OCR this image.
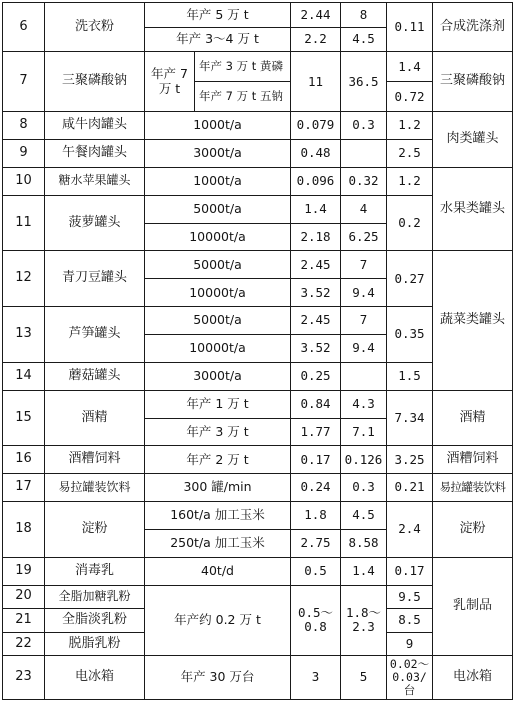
6	洗衣粉	年产 5 万 t		2.44	8	0.11	合成洗涤剂
		年产 3～4 万 t		2.2	4.5		
7	三聚磷酸钠	年产 7万 t	年产 3 万 t 黄磷	11	36.5	1.4	三聚磷酸钠
			年产 7 万 t 五钠			0.72	
8	咸牛肉罐头	1000t/a		0.079	0.3	1.2	肉类罐头
9	午餐肉罐头	3000t/a		0.48		2.5	
10	糖水苹果罐头	1000t/a		0.096	0.32	1.2	水果类罐头
11	菠萝罐头	5000t/a		1.4	4	0.2	
		10000t/a		2.18	6.25		
12	青刀豆罐头	5000t/a		2.45	7	0.27	蔬菜类罐头
		10000t/a		3.52	9.4		
13	芦笋罐头	5000t/a		2.45	7	0.35	
		10000t/a		3.52	9.4		
14	蘑菇罐头	3000t/a		0.25		1.5	
15	酒精	年产 1 万 t		0.84	4.3	7.34	酒精
		年产 3 万 t		1.77	7.1		
16	酒糟饲料	年产 2 万 t		0.17	0.126	3.25	酒糟饲料
17	易拉罐装饮料	300 罐/min		0.24	0.3	0.21	易拉罐装饮料
18	淀粉	160t/a 加工玉米		1.8	4.5	2.4	淀粉
		250t/a 加工玉米		2.75	8.58		
19	消毒乳	40t/d		0.5	1.4	0.17	乳制品
20	全脂加糖乳粉	年产约 0.2 万 t		0.5～0.8	1.8～2.3	9.5	
21	全脂淡乳粉					8.5	
22	脱脂乳粉					9	
23	电冰箱	年产 30 万台		3	5	0.02～0.03/台	电冰箱
